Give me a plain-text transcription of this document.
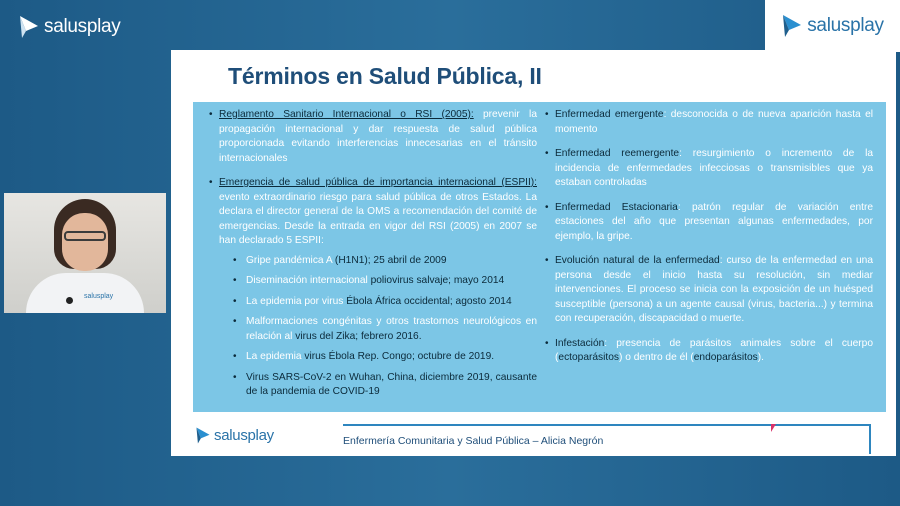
salusplay	salusplay
Términos en Salud Pública, II
• Reglamento Sanitario Internacional o RSI (2005): prevenir la propagación internacional y dar respuesta de salud pública proporcionada evitando interferencias innecesarias en el tránsito internacionales
• Emergencia de salud pública de importancia internacional (ESPII): evento extraordinario riesgo para salud pública de otros Estados. La declara el director general de la OMS a recomendación del comité de emergencias. Desde la entrada en vigor del RSI (2005) en 2007 se han declarado 5 ESPII:
• Gripe pandémica A (H1N1); 25 abril de 2009
• Diseminación internacional poliovirus salvaje; mayo 2014
• La epidemia por virus Ébola África occidental; agosto 2014
• Malformaciones congénitas y otros trastornos neurológicos en relación al virus del Zika; febrero 2016.
• La epidemia virus Ébola Rep. Congo; octubre de 2019.
• Virus SARS-CoV-2 en Wuhan, China, diciembre 2019, causante de la pandemia de COVID-19
• Enfermedad emergente: desconocida o de nueva aparición hasta el momento
• Enfermedad reemergente: resurgimiento o incremento de la incidencia de enfermedades infecciosas o transmisibles que ya estaban controladas
• Enfermedad Estacionaria: patrón regular de variación entre estaciones del año que presentan algunas enfermedades, por ejemplo, la gripe.
• Evolución natural de la enfermedad: curso de la enfermedad en una persona desde el inicio hasta su resolución, sin mediar intervenciones. El proceso se inicia con la exposición de un huésped susceptible (persona) a un agente causal (virus, bacteria...) y termina con recuperación, discapacidad o muerte.
• Infestación: presencia de parásitos animales sobre el cuerpo (ectoparásitos) o dentro de él (endoparásitos).
salusplay	Enfermería Comunitaria y Salud Pública – Alicia Negrón
salusplay
